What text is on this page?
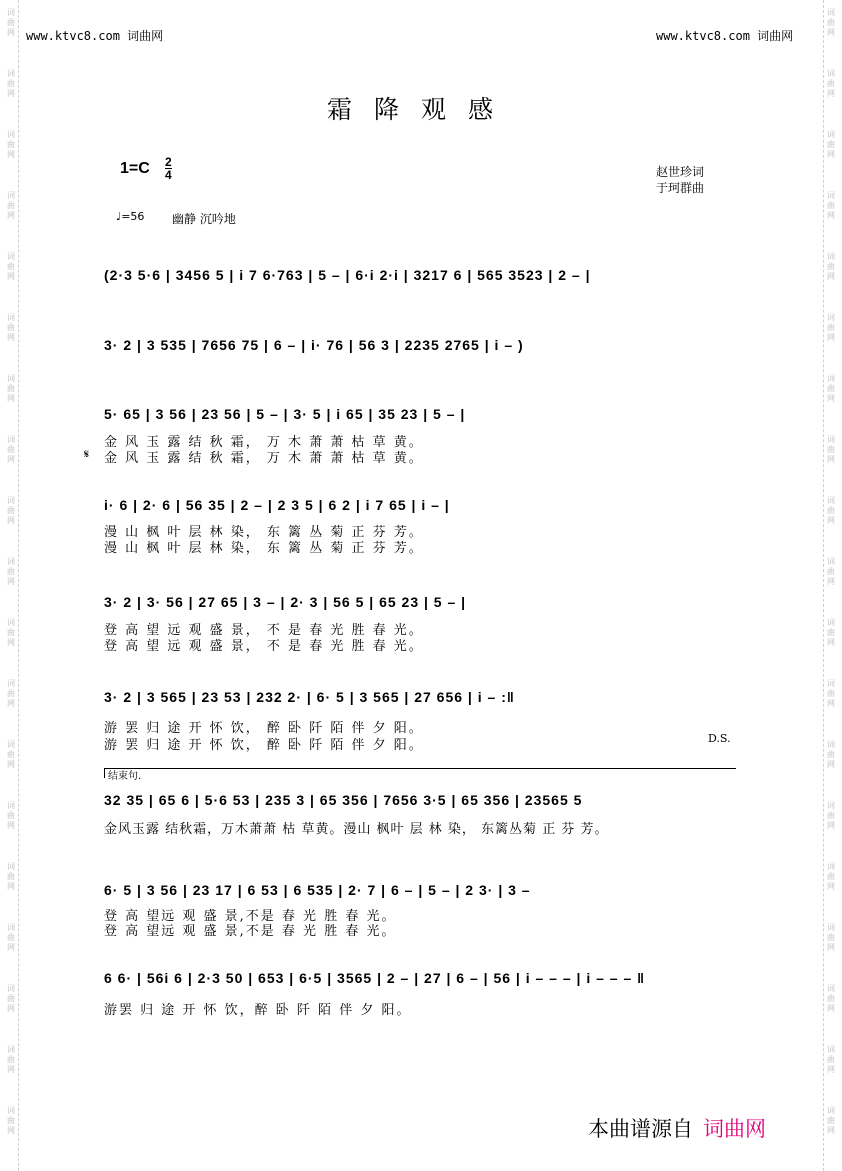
词
曲
网
词
曲
网
词
曲
网
词
曲
网
词
曲
网
词
曲
网
词
曲
网
词
曲
网
词
曲
网
词
曲
网
词
曲
网
词
曲
网
词
曲
网
词
曲
网
词
曲
网
词
曲
网
词
曲
网
词
曲
网
词
曲
网
词
曲
网
词
曲
网
词
曲
网
词
曲
网
词
曲
网
词
曲
网
词
曲
网
词
曲
网
词
曲
网
词
曲
网
词
曲
网
词
曲
网
词
曲
网
词
曲
网
词
曲
网
词
曲
网
词
曲
网
词
曲
网
词
曲
网
www.ktvc8.com 词曲网	www.ktvc8.com 词曲网
霜降观感
1=C 2
4	赵世珍词
于珂群曲
♩=56 幽静 沉吟地
(2·3 5·6 | 3456 5 | i 7 6·763 | 5 – | 6·i 2·i | 3217 6 | 565 3523 | 2 – |
3· 2 | 3 535 | 7656 75 | 6 – | i· 76 | 56 3 | 2235 2765 | i – )
5· 65 | 3 56 | 23 56 | 5 – | 3· 5 | i 65 | 35 23 | 5 – |
𝄋
金 风 玉 露 结 秋 霜， 万 木 萧 萧 枯 草 黄。
金 风 玉 露 结 秋 霜， 万 木 萧 萧 枯 草 黄。
i· 6 | 2· 6 | 56 35 | 2 – | 2 3 5 | 6 2 | i 7 65 | i – |
漫 山 枫 叶 层 林 染， 东 篱 丛 菊 正 芬 芳。
漫 山 枫 叶 层 林 染， 东 篱 丛 菊 正 芬 芳。
3· 2 | 3· 56 | 27 65 | 3 – | 2· 3 | 56 5 | 65 23 | 5 – |
登 高 望 远 观 盛 景， 不 是 春 光 胜 春 光。
登 高 望 远 观 盛 景， 不 是 春 光 胜 春 光。
3· 2 | 3 565 | 23 53 | 232 2· | 6· 5 | 3 565 | 27 656 | i – :‖
游 罢 归 途 开 怀 饮， 醉 卧 阡 陌 伴 夕 阳。
游 罢 归 途 开 怀 饮， 醉 卧 阡 陌 伴 夕 阳。	D.S.
结束句.
32 35 | 65 6 | 5·6 53 | 235 3 | 65 356 | 7656 3·5 | 65 356 | 23565 5
金风玉露 结秋霜，万木萧萧 枯 草黄。漫山 枫叶 层 林 染， 东篱丛菊 正 芬 芳。
6· 5 | 3 56 | 23 17 | 6 53 | 6 535 | 2· 7 | 6 – | 5 – | 2 3· | 3 –
登 高 望远 观 盛 景,不是 春 光 胜 春 光。
登 高 望远 观 盛 景,不是 春 光 胜 春 光。
6 6· | 56i 6 | 2·3 50 | 653 | 6·5 | 3565 | 2 – | 27 | 6 – | 56 | i – – – | i – – – ‖
游罢 归 途 开 怀 饮，醉 卧 阡 陌 伴 夕 阳。
本曲谱源自 词曲网
